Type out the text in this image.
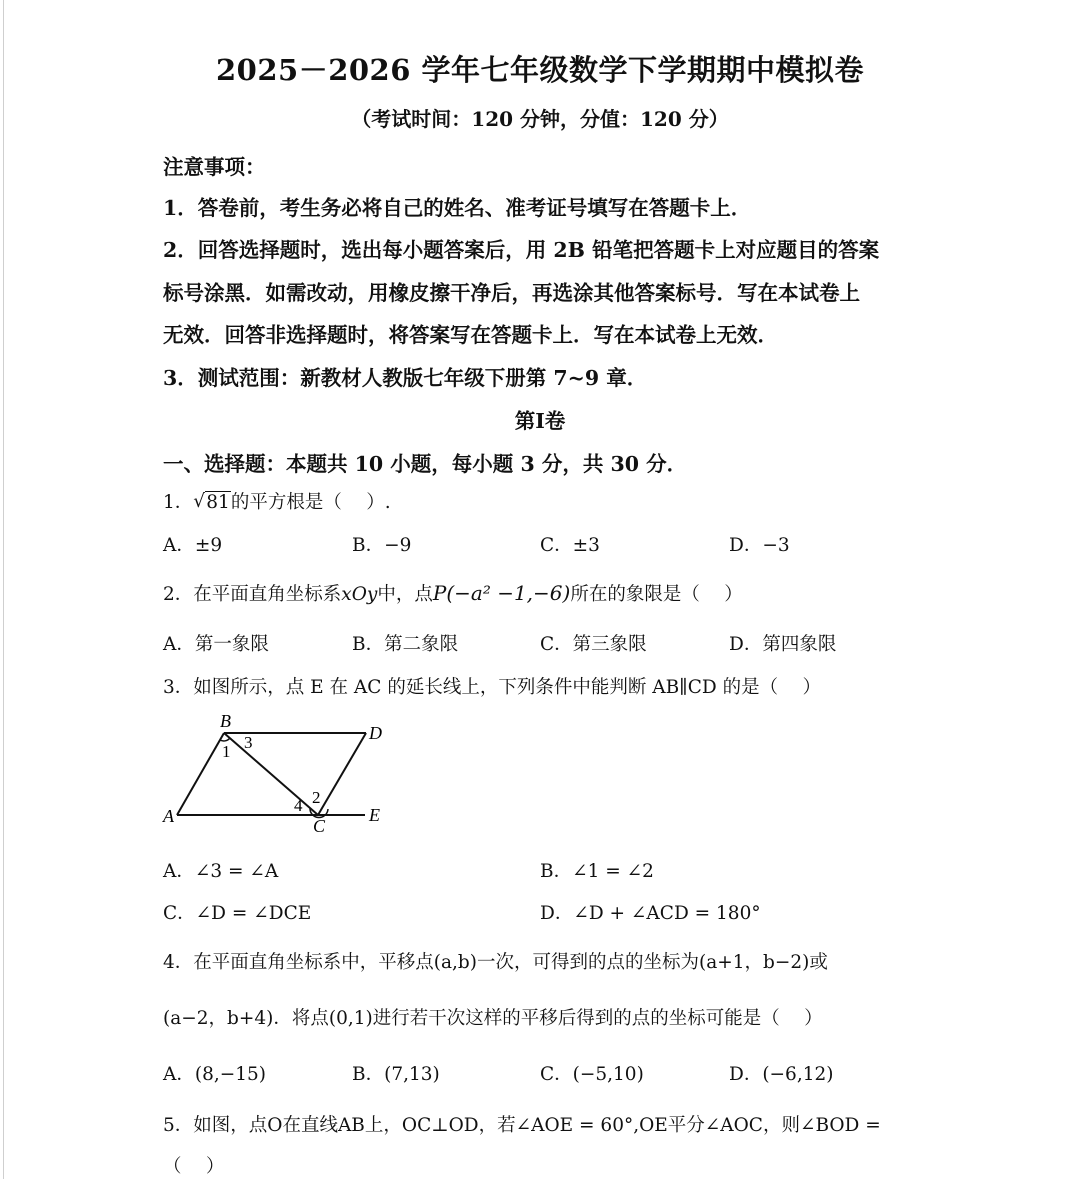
2025－2026 学年七年级数学下学期期中模拟卷
（考试时间：120 分钟，分值：120 分）
注意事项：
1．答卷前，考生务必将自己的姓名、准考证号填写在答题卡上．
2．回答选择题时，选出每小题答案后，用 2B 铅笔把答题卡上对应题目的答案
标号涂黑．如需改动，用橡皮擦干净后，再选涂其他答案标号．写在本试卷上
无效．回答非选择题时，将答案写在答题卡上．写在本试卷上无效．
3．测试范围：新教材人教版七年级下册第 7~9 章．
第Ⅰ卷
一、选择题：本题共 10 小题，每小题 3 分，共 30 分．
1． √ 81的平方根是（　 ）.
A．±9	B．−9	C．±3	D．−3
2．在平面直角坐标系xOy中，点P(−a² −1,−6)所在的象限是（　 ）
A．第一象限	B．第二象限	C．第三象限	D．第四象限
3．如图所示，点 E 在 AC 的延长线上，下列条件中能判断 AB∥CD 的是（　 ）
B
D
A	C
E
1 3
2
4
A．∠3 = ∠A	B．∠1 = ∠2
C．∠D = ∠DCE	D．∠D + ∠ACD = 180°
4．在平面直角坐标系中，平移点(a,b)一次，可得到的点的坐标为(a+1，b−2)或
(a−2，b+4)．将点(0,1)进行若干次这样的平移后得到的点的坐标可能是（　 ）
A．(8,−15)	B．(7,13)	C．(−5,10)	D．(−6,12)
5．如图，点O在直线AB上，OC⊥OD，若∠AOE = 60°,OE平分∠AOC，则∠BOD =
（　 ）
